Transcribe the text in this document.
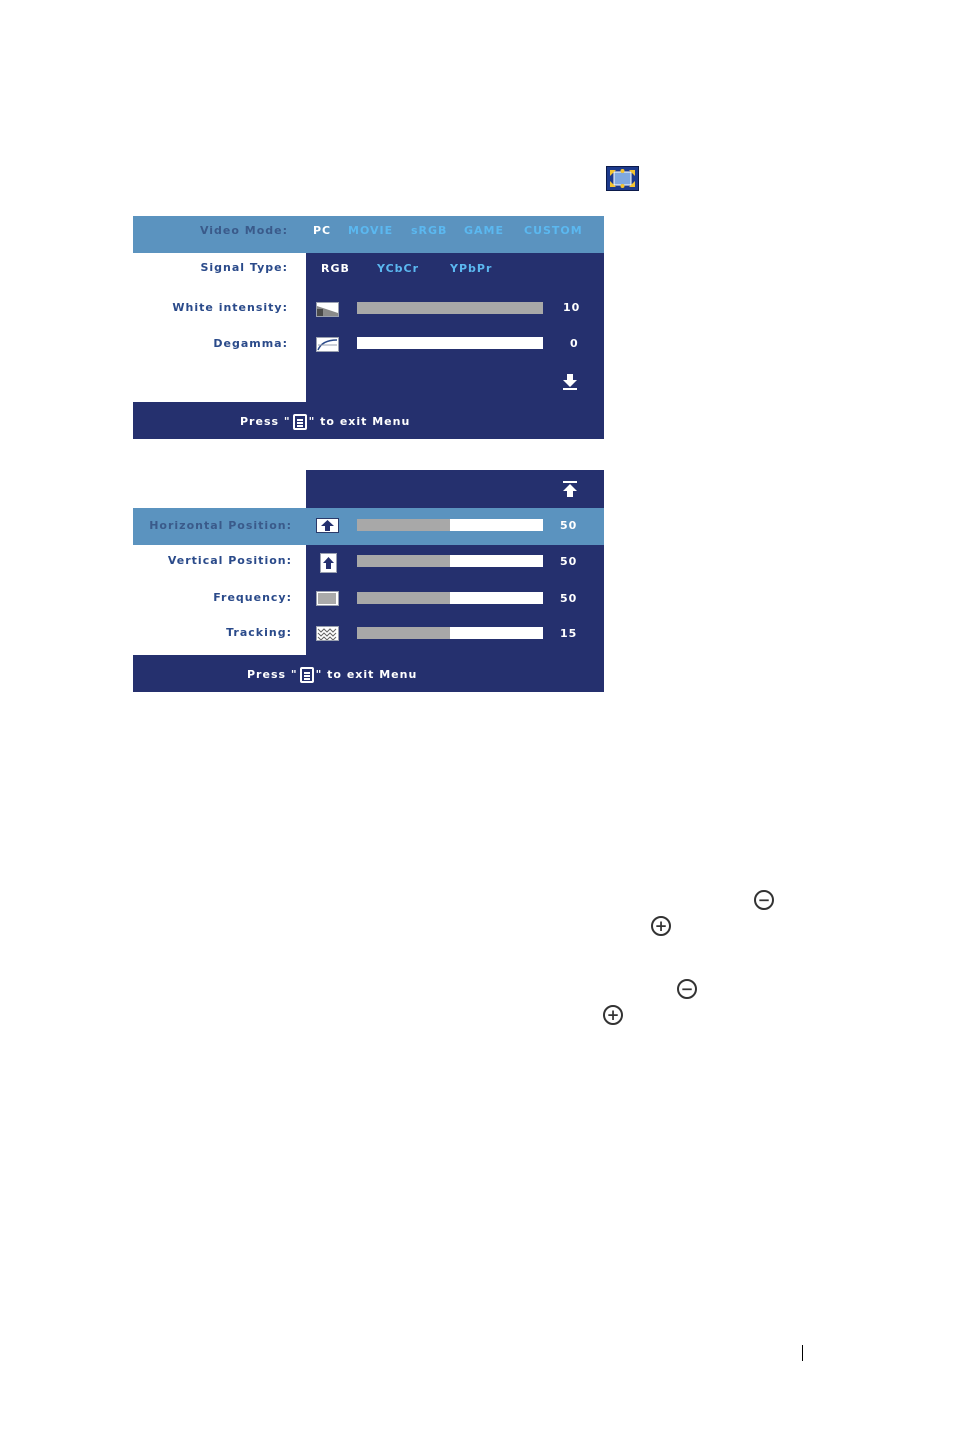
Video Mode: PC MOVIE sRGB GAME CUSTOM
Signal Type:	RGB YCbCr	YPbPr
White intensity:	10
Degamma:	0
Press " " to exit Menu
Horizontal Position:	50
Vertical Position:	50
Frequency:	50
Tracking:	15
Press " " to exit Menu
−
+
−
+
